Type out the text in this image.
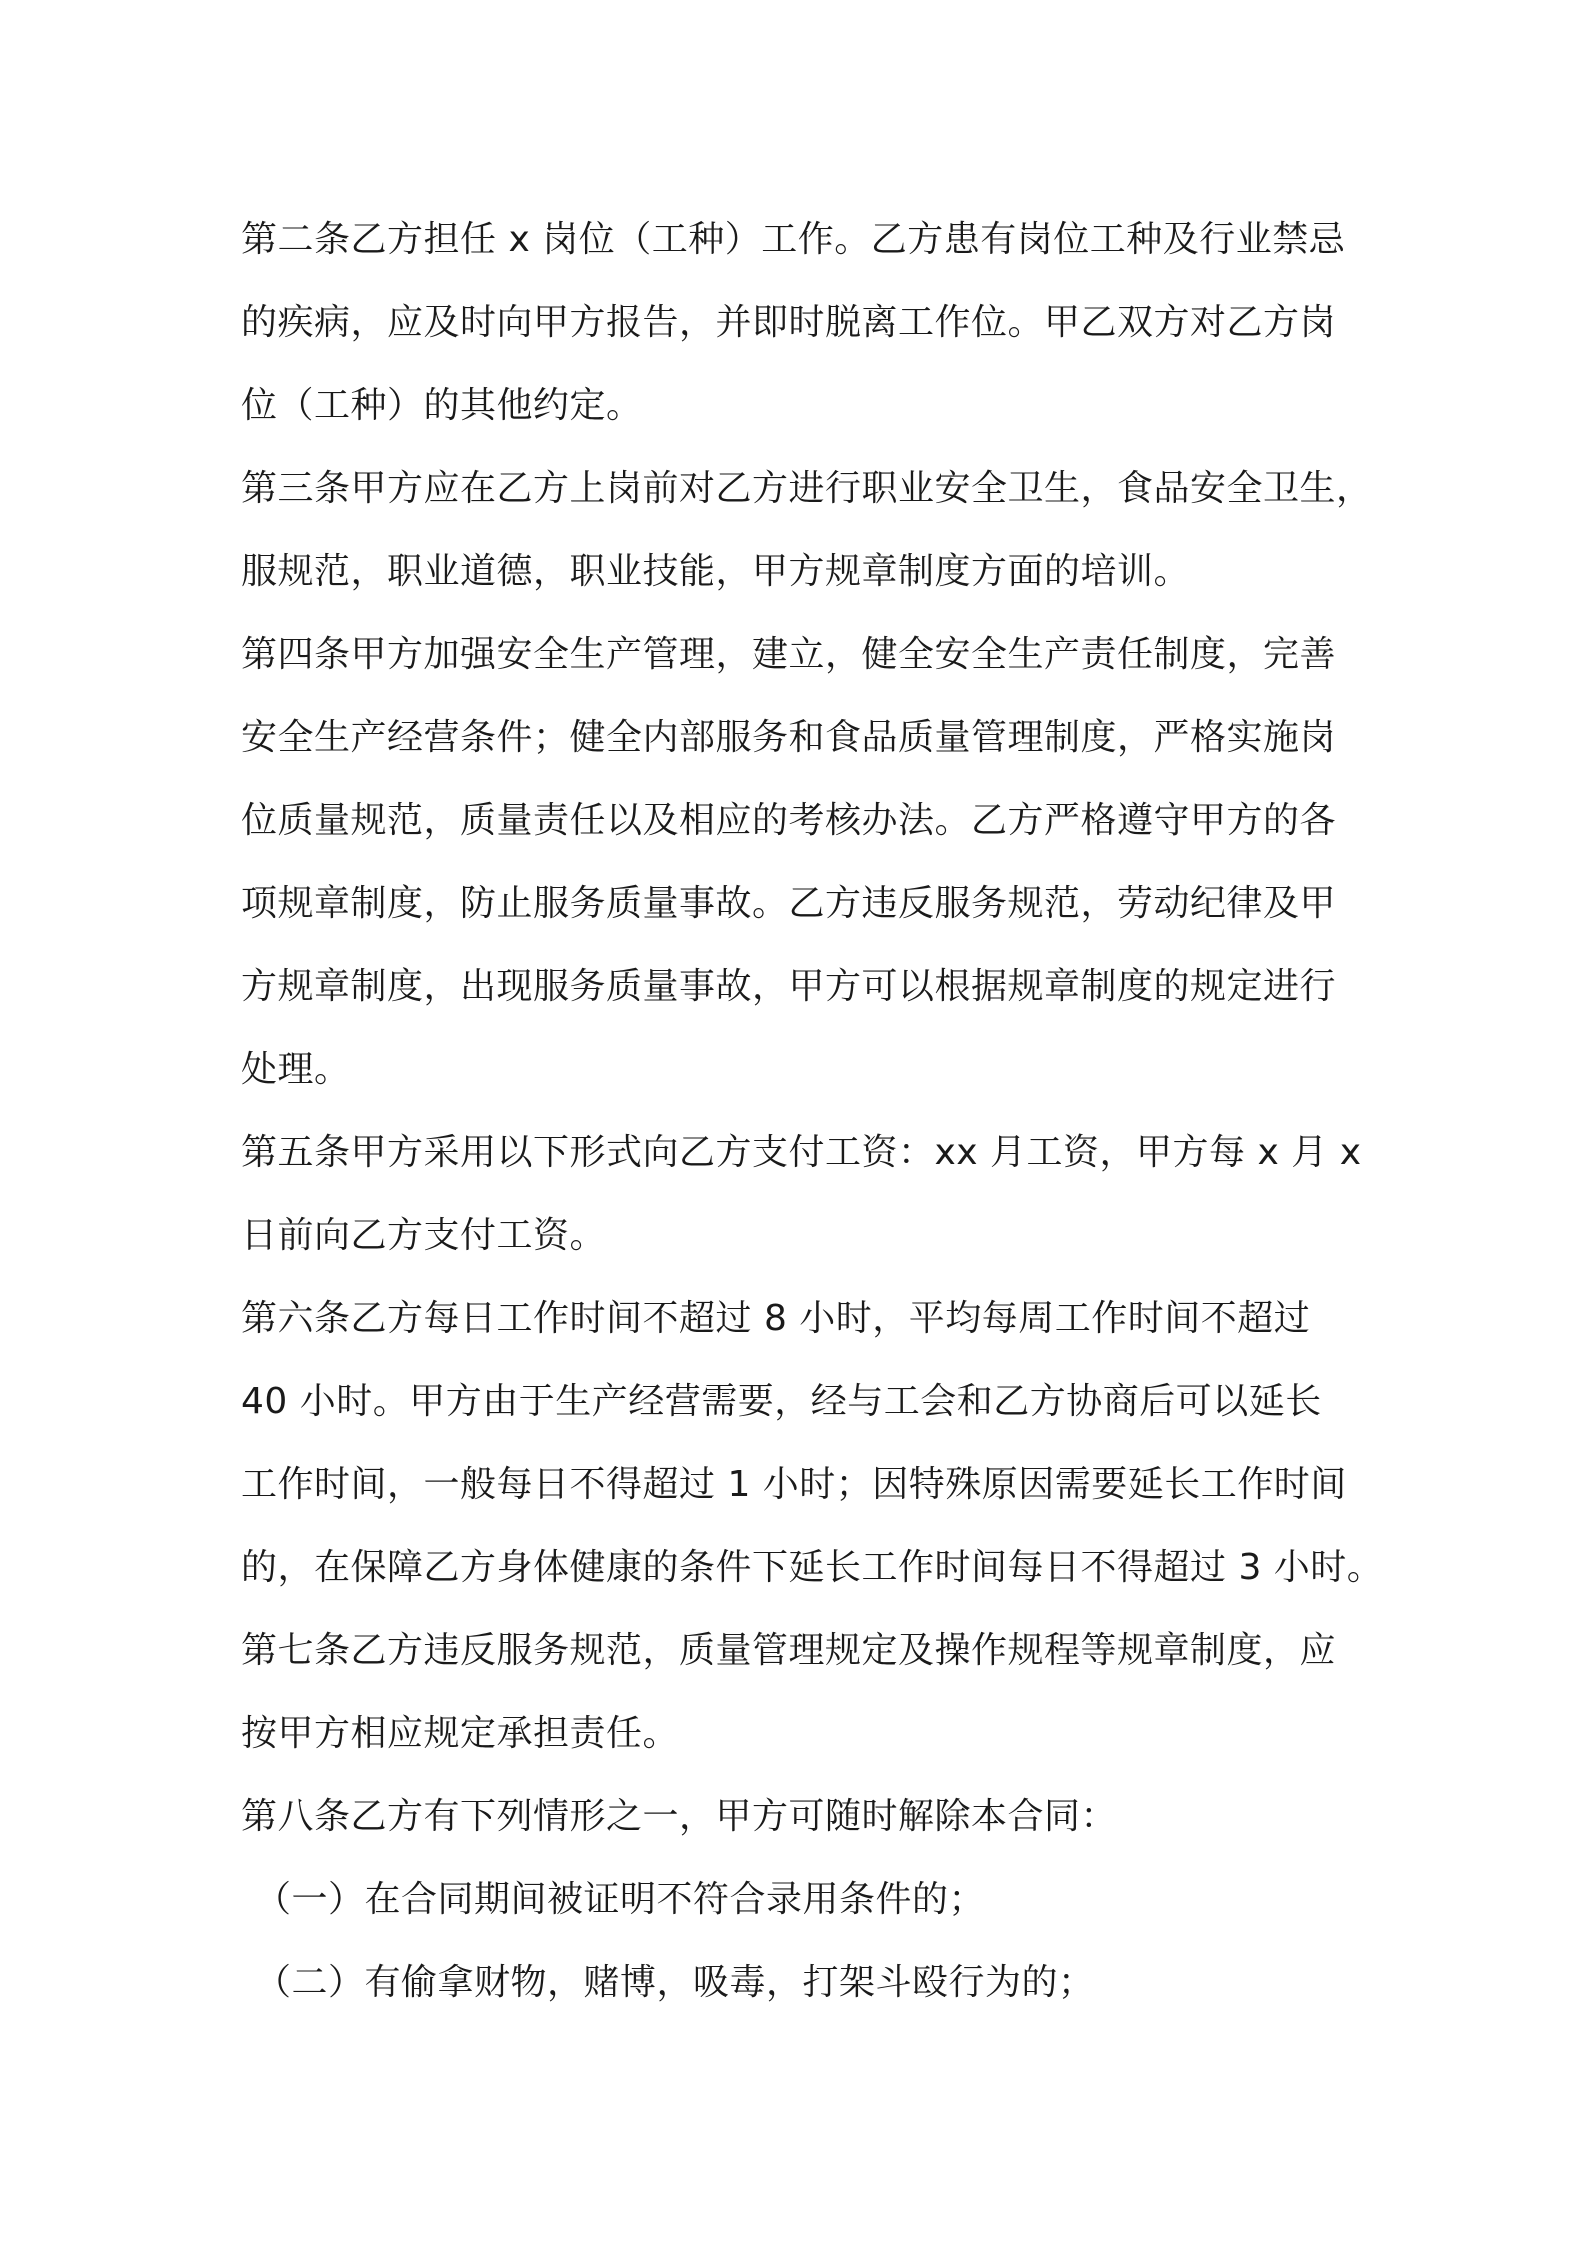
第二条乙方担任 x 岗位（工种）工作。乙方患有岗位工种及行业禁忌
的疾病，应及时向甲方报告，并即时脱离工作位。甲乙双方对乙方岗
位（工种）的其他约定。
第三条甲方应在乙方上岗前对乙方进行职业安全卫生，食品安全卫生，
服规范，职业道德，职业技能，甲方规章制度方面的培训。
第四条甲方加强安全生产管理，建立，健全安全生产责任制度，完善
安全生产经营条件；健全内部服务和食品质量管理制度，严格实施岗
位质量规范，质量责任以及相应的考核办法。乙方严格遵守甲方的各
项规章制度，防止服务质量事故。乙方违反服务规范，劳动纪律及甲
方规章制度，出现服务质量事故，甲方可以根据规章制度的规定进行
处理。
第五条甲方采用以下形式向乙方支付工资：xx 月工资，甲方每 x 月 x
日前向乙方支付工资。
第六条乙方每日工作时间不超过 8 小时，平均每周工作时间不超过
40 小时。甲方由于生产经营需要，经与工会和乙方协商后可以延长
工作时间，一般每日不得超过 1 小时；因特殊原因需要延长工作时间
的，在保障乙方身体健康的条件下延长工作时间每日不得超过 3 小时。
第七条乙方违反服务规范，质量管理规定及操作规程等规章制度，应
按甲方相应规定承担责任。
第八条乙方有下列情形之一，甲方可随时解除本合同：
（一）在合同期间被证明不符合录用条件的；
（二）有偷拿财物，赌博，吸毒，打架斗殴行为的；
